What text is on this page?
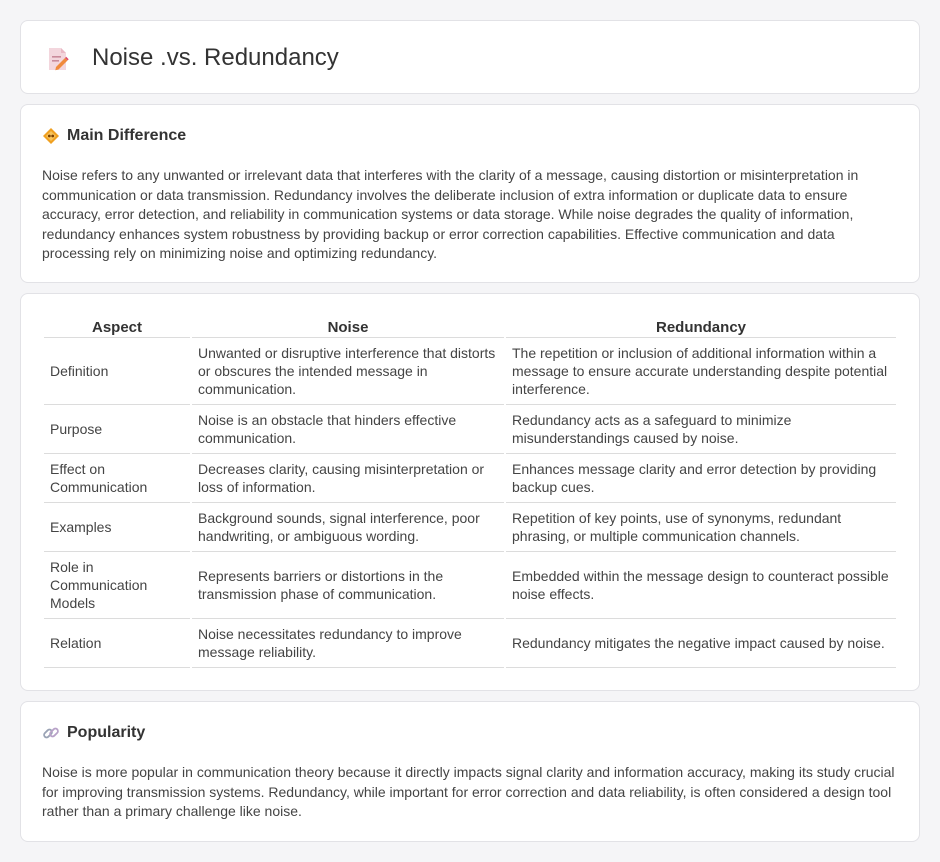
Noise .vs. Redundancy
Main Difference

Noise refers to any unwanted or irrelevant data that interferes with the clarity of a message, causing distortion or misinterpretation in communication or data transmission. Redundancy involves the deliberate inclusion of extra information or duplicate data to ensure accuracy, error detection, and reliability in communication systems or data storage. While noise degrades the quality of information, redundancy enhances system robustness by providing backup or error correction capabilities. Effective communication and data processing rely on minimizing noise and optimizing redundancy.

Aspect	Noise	Redundancy
Definition	Unwanted or disruptive interference that distorts or obscures the intended message in communication.	The repetition or inclusion of additional information within a message to ensure accurate understanding despite potential interference.
Purpose	Noise is an obstacle that hinders effective communication.	Redundancy acts as a safeguard to minimize misunderstandings caused by noise.
Effect on Communication	Decreases clarity, causing misinterpretation or loss of information.	Enhances message clarity and error detection by providing backup cues.
Examples	Background sounds, signal interference, poor handwriting, or ambiguous wording.	Repetition of key points, use of synonyms, redundant phrasing, or multiple communication channels.
Role in Communication Models	Represents barriers or distortions in the transmission phase of communication.	Embedded within the message design to counteract possible noise effects.
Relation	Noise necessitates redundancy to improve message reliability.	Redundancy mitigates the negative impact caused by noise.
Popularity

Noise is more popular in communication theory because it directly impacts signal clarity and information accuracy, making its study crucial for improving transmission systems. Redundancy, while important for error correction and data reliability, is often considered a design tool rather than a primary challenge like noise.
